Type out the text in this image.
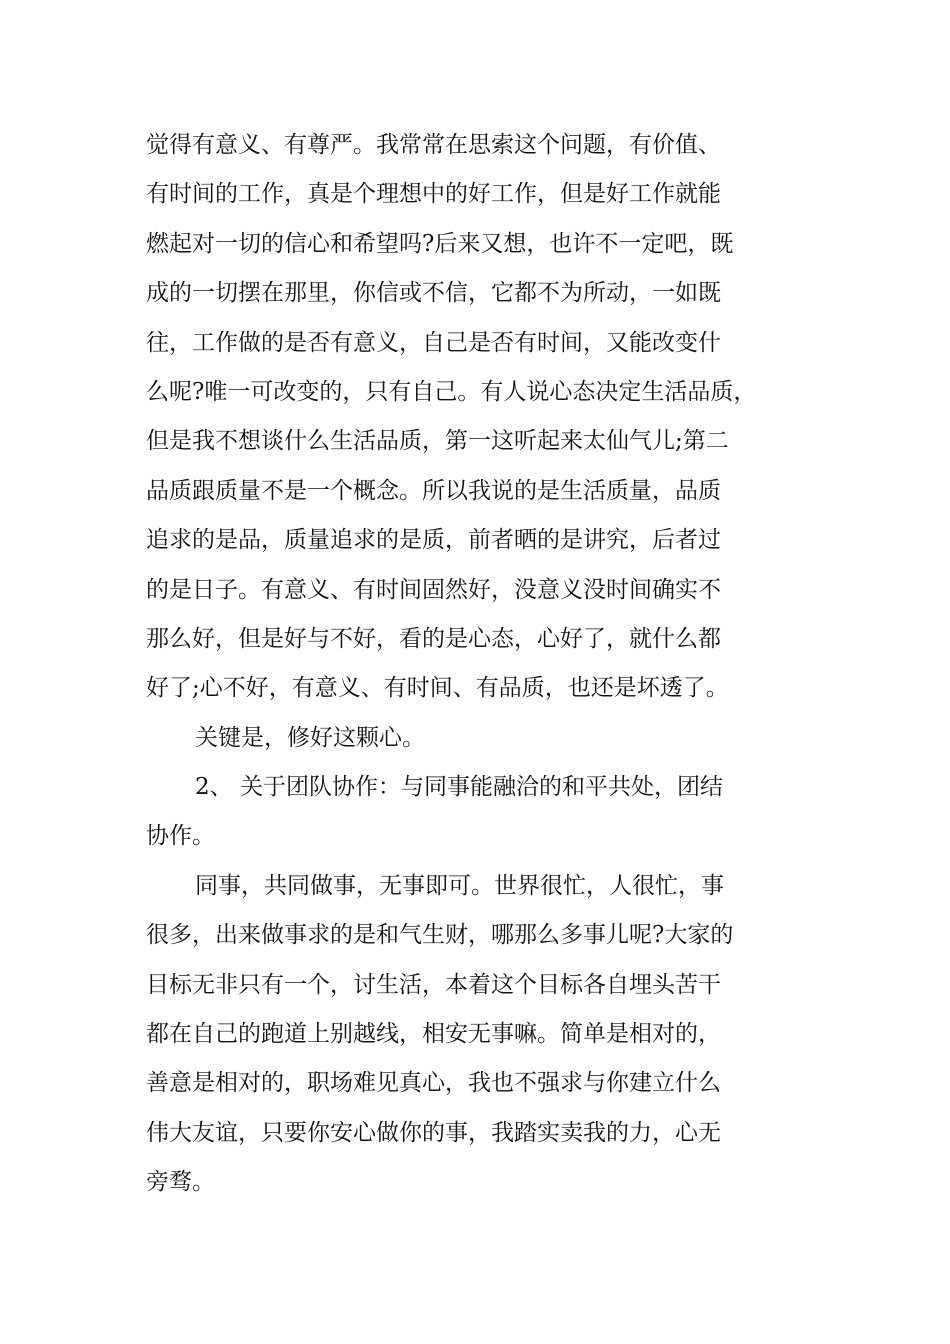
觉得有意义、有尊严。我常常在思索这个问题，有价值、
有时间的工作，真是个理想中的好工作，但是好工作就能
燃起对一切的信心和希望吗?后来又想，也许不一定吧，既
成的一切摆在那里，你信或不信，它都不为所动，一如既
往，工作做的是否有意义，自己是否有时间，又能改变什
么呢?唯一可改变的，只有自己。有人说心态决定生活品质，
但是我不想谈什么生活品质，第一这听起来太仙气儿;第二
品质跟质量不是一个概念。所以我说的是生活质量，品质
追求的是品，质量追求的是质，前者晒的是讲究，后者过
的是日子。有意义、有时间固然好，没意义没时间确实不
那么好，但是好与不好，看的是心态，心好了，就什么都
好了;心不好，有意义、有时间、有品质，也还是坏透了。
关键是，修好这颗心。
2、 关于团队协作：与同事能融洽的和平共处，团结
协作。
同事，共同做事，无事即可。世界很忙，人很忙，事
很多，出来做事求的是和气生财，哪那么多事儿呢?大家的
目标无非只有一个，讨生活，本着这个目标各自埋头苦干
都在自己的跑道上别越线，相安无事嘛。简单是相对的，
善意是相对的，职场难见真心，我也不强求与你建立什么
伟大友谊，只要你安心做你的事，我踏实卖我的力，心无
旁骛。
